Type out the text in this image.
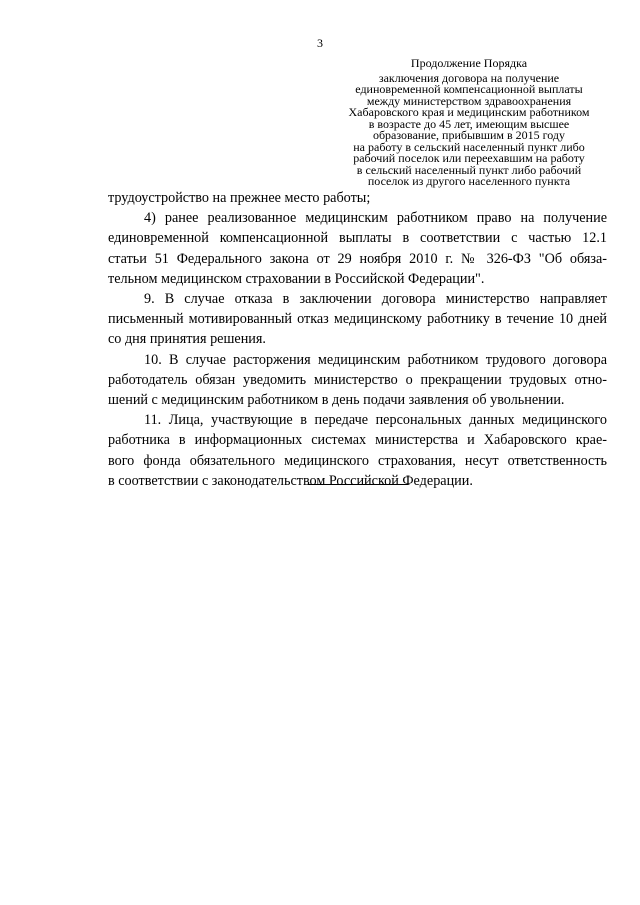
3
Продолжение Порядка
заключения договора на получение
единовременной компенсационной выплаты
между министерством здравоохранения
Хабаровского края и медицинским работником
в возрасте до 45 лет, имеющим высшее
образование, прибывшим в 2015 году
на работу в сельский населенный пункт либо
рабочий поселок или переехавшим на работу
в сельский населенный пункт либо рабочий
поселок из другого населенного пункта
трудоустройство на прежнее место работы;
4) ранее реализованное медицинским работником право на получение
единовременной компенсационной выплаты в соответствии с частью 12.1
статьи 51 Федерального закона от 29 ноября 2010 г. № 326-ФЗ "Об обяза-
тельном медицинском страховании в Российской Федерации".
9. В случае отказа в заключении договора министерство направляет
письменный мотивированный отказ медицинскому работнику в течение 10 дней
со дня принятия решения.
10. В случае расторжения медицинским работником трудового договора
работодатель обязан уведомить министерство о прекращении трудовых отно-
шений с медицинским работником в день подачи заявления об увольнении.
11. Лица, участвующие в передаче персональных данных медицинского
работника в информационных системах министерства и Хабаровского крае-
вого фонда обязательного медицинского страхования, несут ответственность
в соответствии с законодательством Российской Федерации.
